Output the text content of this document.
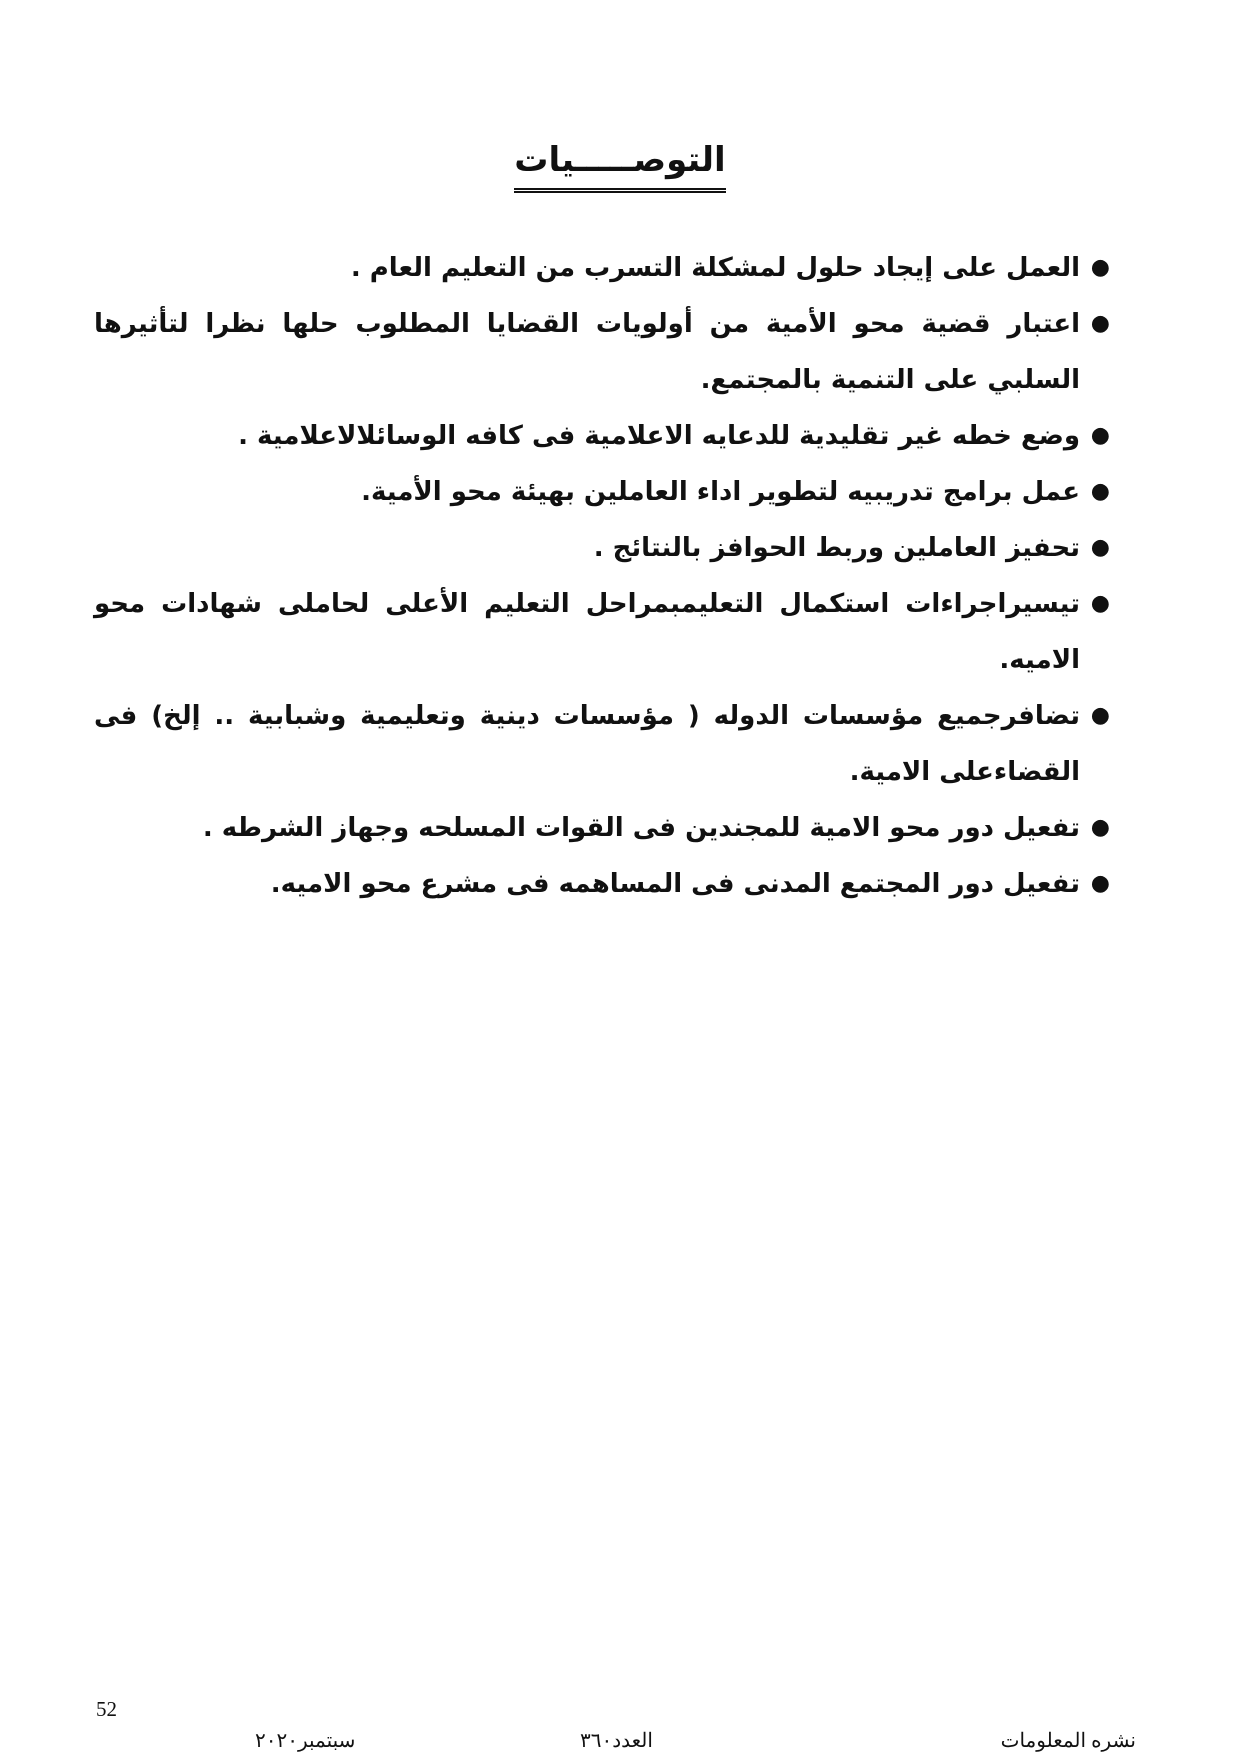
التوصـــــيات
●
العمل على إيجاد حلول لمشكلة التسرب من التعليم العام .
●
اعتبار قضية محو الأمية من أولويات القضايا المطلوب حلها نظرا لتأثيرها السلبي على التنمية بالمجتمع.
●
وضع خطه غير تقليدية للدعايه الاعلامية فى كافه الوسائلالاعلامية .
●
عمل برامج تدريبيه لتطوير اداء العاملين بهيئة محو الأمية.
●
تحفيز العاملين وربط الحوافز بالنتائج .
●
تيسيراجراءات استكمال التعليمبمراحل التعليم الأعلى لحاملى شهادات محو الاميه.
●
تضافرجميع مؤسسات الدوله ( مؤسسات دينية وتعليمية وشبابية .. إلخ) فى القضاءعلى الامية.
●
تفعيل دور محو الامية للمجندين فى القوات المسلحه وجهاز الشرطه .
●
تفعيل دور المجتمع المدنى فى المساهمه فى مشرع محو الاميه.
52
نشره المعلومات
العدد٣٦٠
سبتمبر٢٠٢٠
